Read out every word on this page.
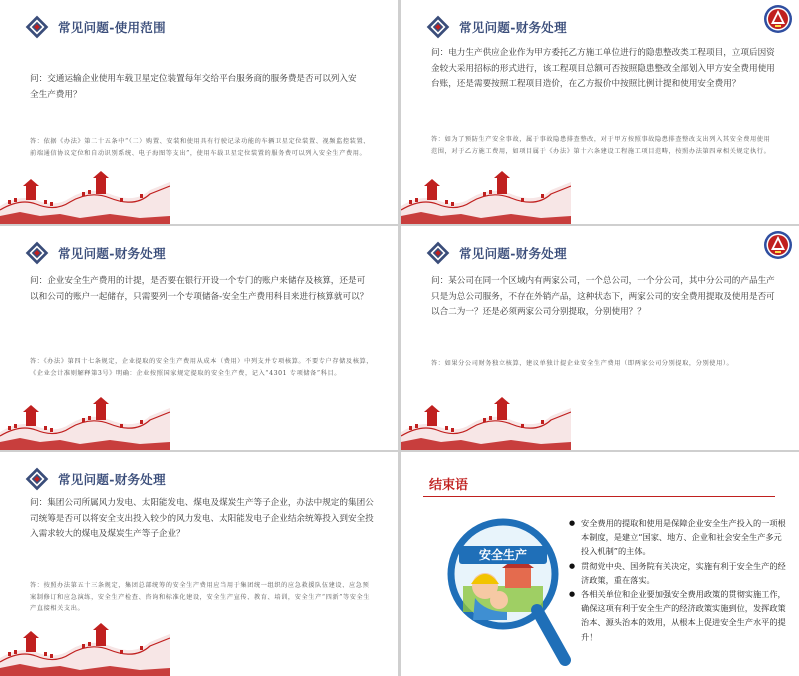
常见问题-使用范围

问：交通运输企业使用车载卫星定位装置每年交给平台服务商的服务费是否可以列入安全生产费用？

答：依据《办法》第二十五条中“（二）购置、安装和使用具有行驶记录功能的车辆卫星定位装置、视频监控装置、前端通信协议定位和自动识别系统、电子海图等支出”，使用车载卫星定位装置的服务费可以列入安全生产费用。

常见问题-财务处理

问：电力生产供应企业作为甲方委托乙方施工单位进行的隐患整改类工程项目，立项后因资金较大采用招标的形式进行，该工程项目总额可否按照隐患整改全部划入甲方安全费用使用台账，还是需要按照工程项目造价，在乙方报价中按照比例计提和使用安全费用？

答：如为了预防生产安全事故，属于事故隐患排查整改，对于甲方按照事故隐患排查整改支出列入其安全费用使用范围，对于乙方施工费用，如项目属于《办法》第十六条建设工程施工项目范畴，按照办法第四章相关规定执行。

常见问题-财务处理

问：企业安全生产费用的计提，是否要在银行开设一个专门的账户来储存及核算，还是可以和公司的账户一起储存，只需要列一个专项储备-安全生产费用科目来进行核算就可以？

答：《办法》第四十七条规定，企业提取的安全生产费用从成本（费用）中列支并专项核算。不要专户存储及核算，《企业会计准则解释第3号》明确：企业按照国家规定提取的安全生产费，记入“4301 专项储备”科目。

常见问题-财务处理

问：某公司在同一个区域内有两家公司，一个总公司，一个分公司，其中分公司的产品生产只是为总公司服务，不存在外销产品，这种状态下，两家公司的安全费用提取及使用是否可以合二为一？还是必须两家公司分别提取，分别使用？？

答：如果分公司财务独立核算，建议单独计提企业安全生产费用（即两家公司分别提取，分别使用）。

常见问题-财务处理

问：集团公司所属风力发电、太阳能发电、煤电及煤炭生产等子企业，办法中规定的集团公司统筹是否可以将安全支出投入较少的风力发电、太阳能发电子企业结余统筹投入到安全投入需求较大的煤电及煤炭生产等子企业？

答：按照办法第五十三条规定，集团总部统筹的安全生产费用应当用于集团统一组织的应急救援队伍建设、应急预案制修订和应急演练，安全生产检查、咨询和标准化建设，安全生产宣传、教育、培训，安全生产“四新”等安全生产直接相关支出。

结束语
安全生产
● 安全费用的提取和使用是保障企业安全生产投入的一项根本制度，是建立“国家、地方、企业和社会安全生产多元投入机制”的主体。
● 贯彻党中央、国务院有关决定，实施有利于安全生产的经济政策，重在落实。
● 各相关单位和企业要加强安全费用政策的贯彻实施工作，确保这项有利于安全生产的经济政策实施到位，发挥政策治本、源头治本的效用，从根本上促进安全生产水平的提升！
